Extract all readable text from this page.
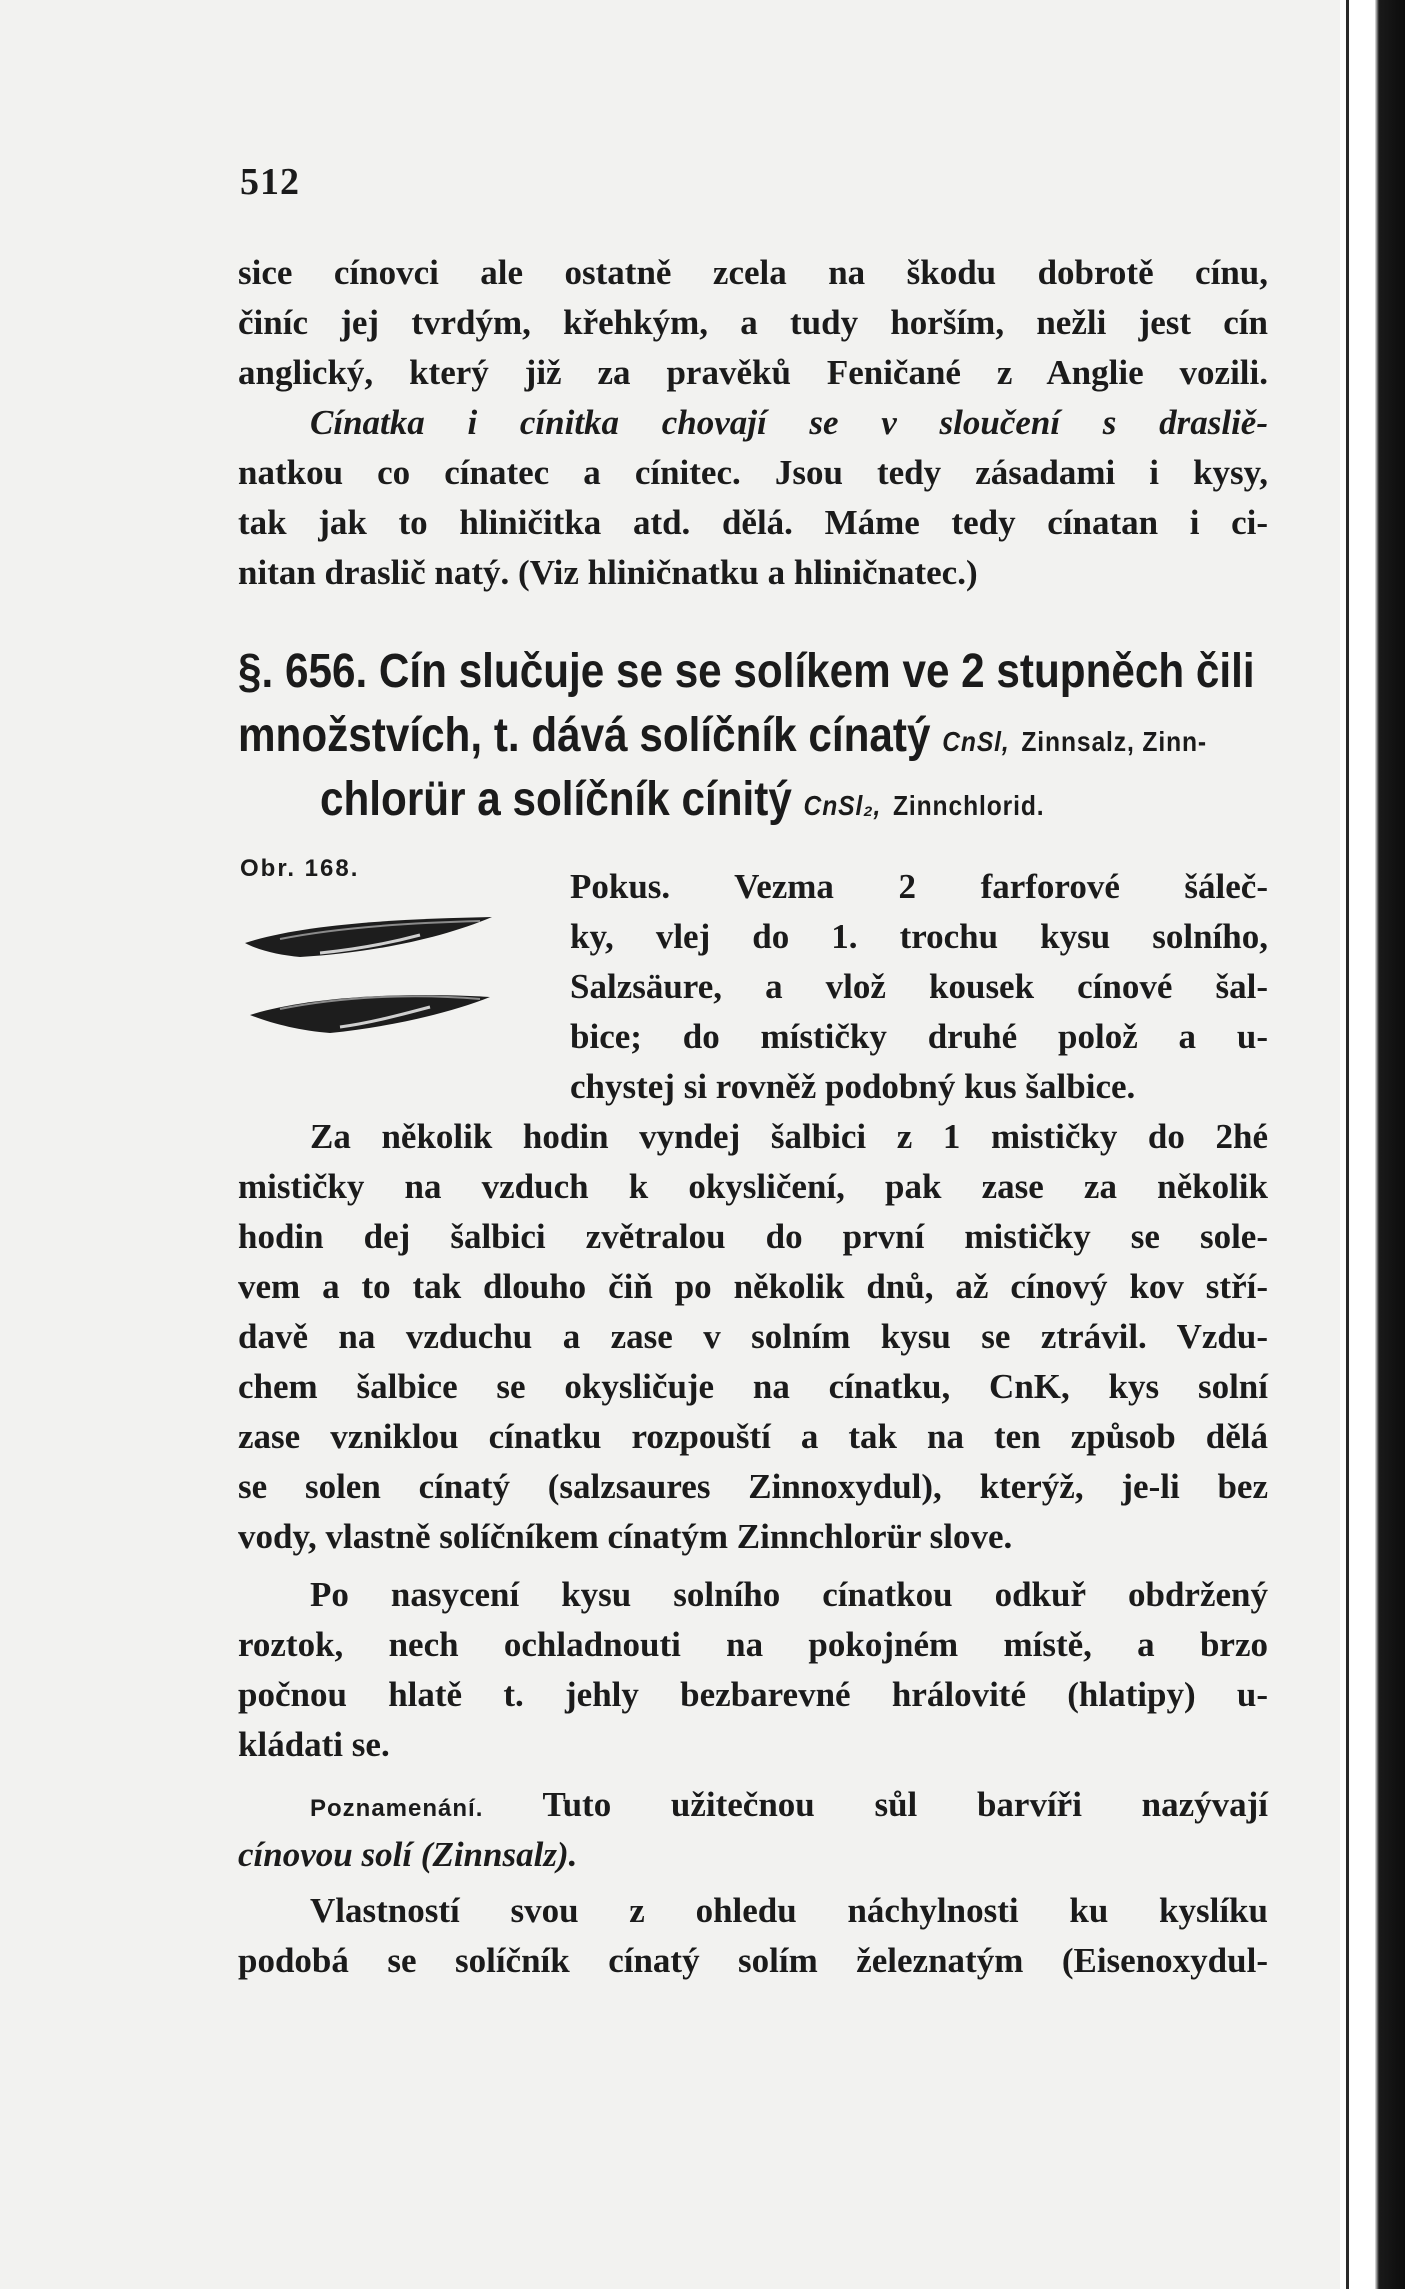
512
sice cínovci ale ostatně zcela na škodu dobrotě cínu,
činíc jej tvrdým, křehkým, a tudy horším, nežli jest cín
anglický, který již za pravěků Feničané z Anglie vozili.
Cínatka i cínitka chovají se v sloučení s drasliě-
natkou co cínatec a cínitec. Jsou tedy zásadami i kysy,
tak jak to hliničitka atd. dělá. Máme tedy cínatan i ci-
nitan draslič natý. (Viz hliničnatku a hliničnatec.)
§. 656. Cín slučuje se se solíkem ve 2 stupněch čili
množstvích, t. dává solíčník cínatý CnSl, Zinnsalz, Zinn-
chlorür a solíčník cínitý CnSl₂, Zinnchlorid.
Obr. 168.	Pokus. Vezma 2 farforové šáleč-
ky, vlej do 1. trochu kysu solního,
Salzsäure, a vlož kousek cínové šal-
bice; do místičky druhé polož a u-
chystej si rovněž podobný kus šalbice.
Za několik hodin vyndej šalbici z 1 mističky do 2hé
mističky na vzduch k okysličení, pak zase za několik
hodin dej šalbici zvětralou do první mističky se sole-
vem a to tak dlouho čiň po několik dnů, až cínový kov stří-
davě na vzduchu a zase v solním kysu se ztrávil. Vzdu-
chem šalbice se okysličuje na cínatku, CnK, kys solní
zase vzniklou cínatku rozpouští a tak na ten způsob dělá
se solen cínatý (salzsaures Zinnoxydul), kterýž, je-li bez
vody, vlastně solíčníkem cínatým Zinnchlorür slove.
Po nasycení kysu solního cínatkou odkuř obdržený
roztok, nech ochladnouti na pokojném místě, a brzo
počnou hlatě t. jehly bezbarevné hrálovité (hlatipy) u-
kládati se.
Poznamenání. Tuto užitečnou sůl barvíři nazývají
cínovou solí (Zinnsalz).
Vlastností svou z ohledu náchylnosti ku kyslíku
podobá se solíčník cínatý solím železnatým (Eisenoxydul-
